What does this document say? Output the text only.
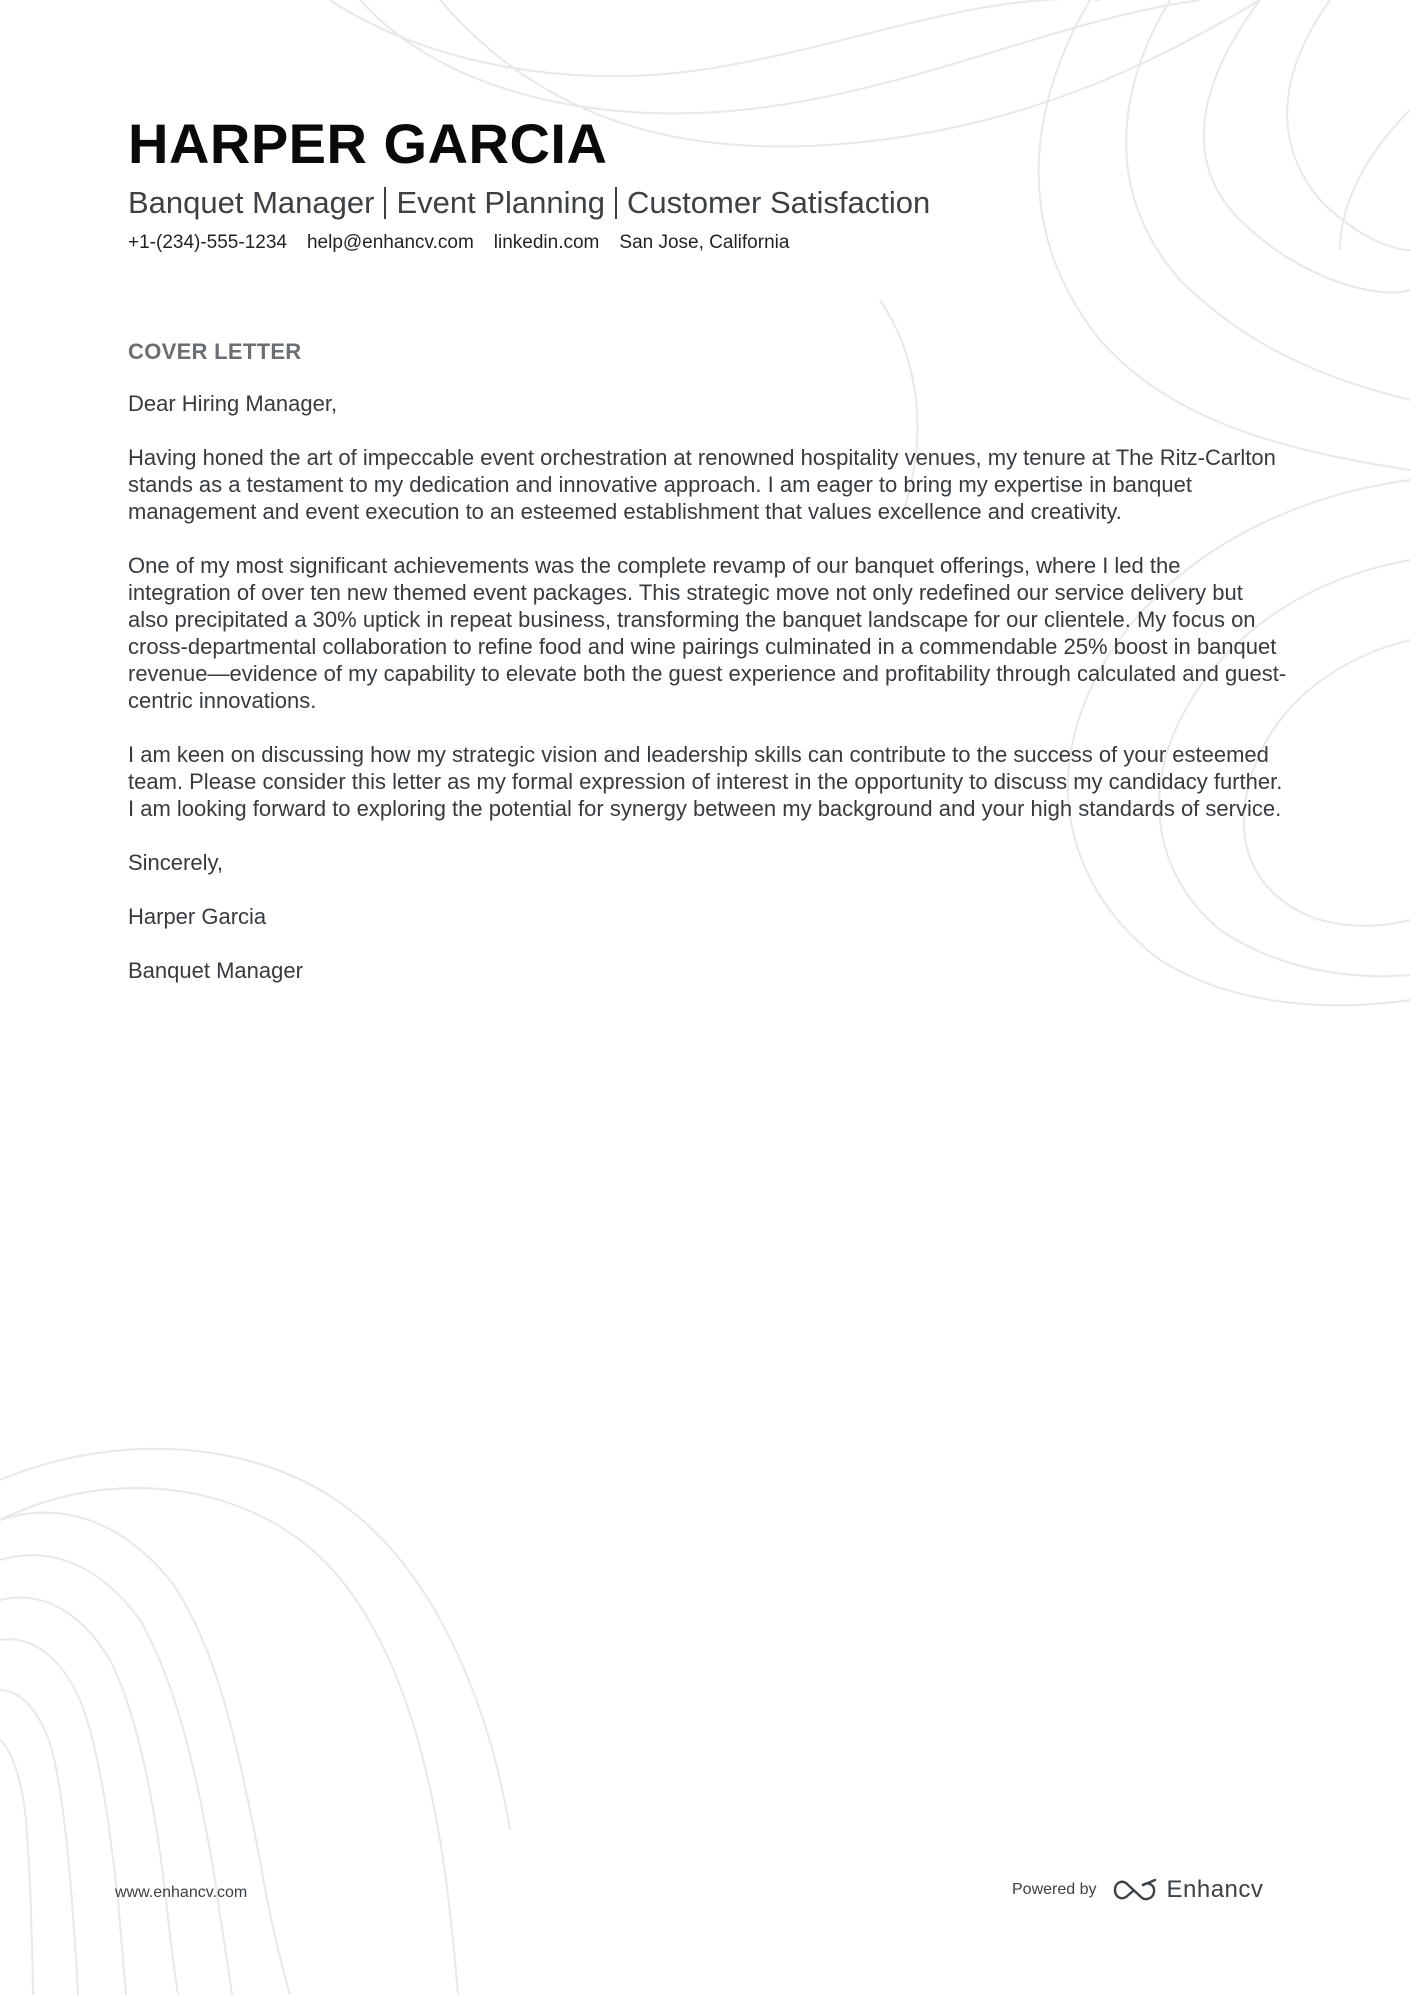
HARPER GARCIA
Banquet Manager Event Planning Customer Satisfaction
+1-(234)-555-1234 help@enhancv.com linkedin.com San Jose, California
COVER LETTER

Dear Hiring Manager,

Having honed the art of impeccable event orchestration at renowned hospitality venues, my tenure at The Ritz-Carlton stands as a testament to my dedication and innovative approach. I am eager to bring my expertise in banquet management and event execution to an esteemed establishment that values excellence and creativity.

One of my most significant achievements was the complete revamp of our banquet offerings, where I led the integration of over ten new themed event packages. This strategic move not only redefined our service delivery but also precipitated a 30% uptick in repeat business, transforming the banquet landscape for our clientele. My focus on cross-departmental collaboration to refine food and wine pairings culminated in a commendable 25% boost in banquet revenue—evidence of my capability to elevate both the guest experience and profitability through calculated and guest-centric innovations.

I am keen on discussing how my strategic vision and leadership skills can contribute to the success of your esteemed team. Please consider this letter as my formal expression of interest in the opportunity to discuss my candidacy further. I am looking forward to exploring the potential for synergy between my background and your high standards of service.

Sincerely,

Harper Garcia

Banquet Manager

www.enhancv.com	Powered by	Enhancv
